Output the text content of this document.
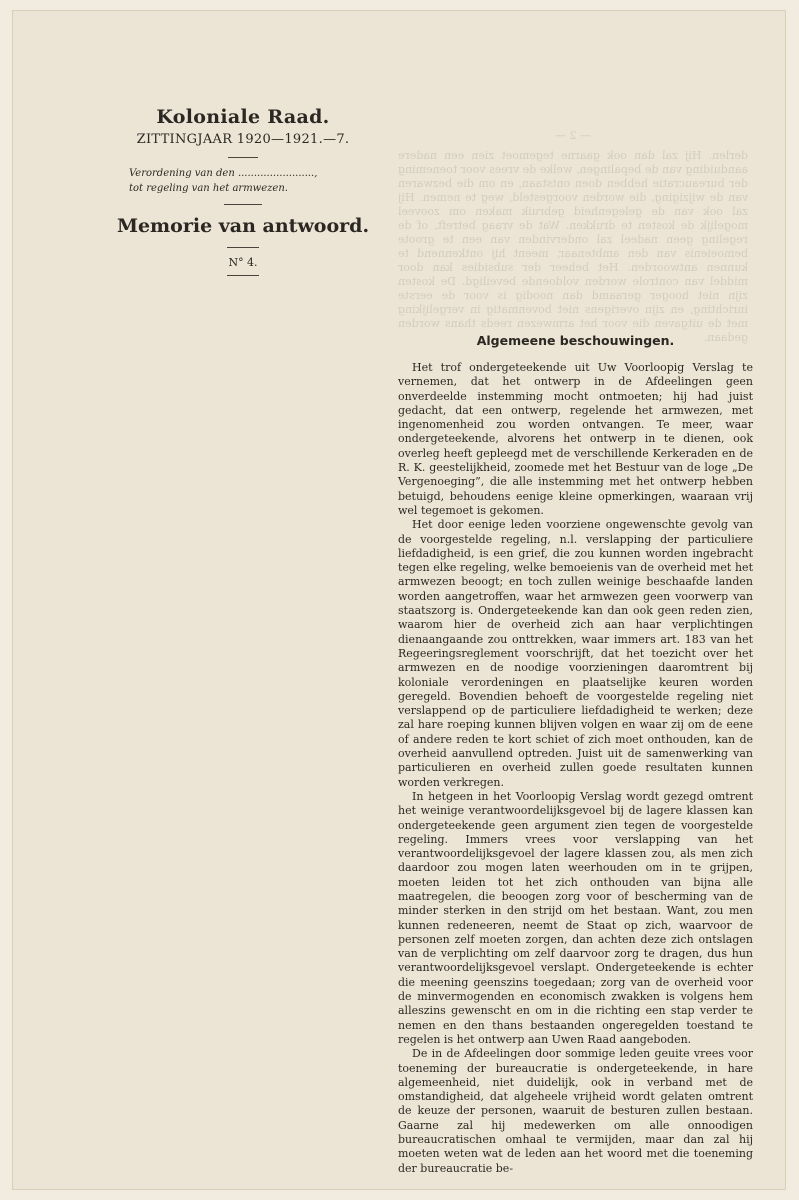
— 2 —
derlen. Hij zal dan ook gaarne tegemoet zien een nadere aanduiding van de bepalingen, welke de vrees voor toeneming der bureaucratie hebben doen ontstaan, en om die bezwaren van de wijziging, die worden voorgesteld, weg te nemen. Hij zal ook van de gelegenheid gebruik maken om zooveel mogelijk de kosten te drukken. Wat de vraag betreft, of de regeling geen nadeel zal ondervinden van een te groote bemoeienis van den ambtenaar, meent hij ontkennend te kunnen antwoorden. Het beheer der subsidies kan door middel van controle worden voldoende beveiligd. De kosten zijn niet hooger geraamd dan noodig is voor de eerste inrichting, en zijn overigens niet bovenmatig in vergelijking met de uitgaven die voor het armwezen reeds thans worden gedaan.

Koloniale Raad.

ZITTINGJAAR 1920—1921.—7.

Verordening van den ........................,
tot regeling van het armwezen.

Memorie van antwoord.

N° 4.
Algemeene beschouwingen.

Het trof ondergeteekende uit Uw Voorloopig Verslag te vernemen, dat het ontwerp in de Afdeelingen geen onverdeelde instemming mocht ontmoeten; hij had juist gedacht, dat een ontwerp, regelende het armwezen, met ingenomenheid zou worden ontvangen. Te meer, waar ondergeteekende, alvorens het ontwerp in te dienen, ook overleg heeft gepleegd met de verschillende Kerkeraden en de R. K. geestelijkheid, zoomede met het Bestuur van de loge „De Vergenoeging”, die alle instemming met het ontwerp hebben betuigd, behoudens eenige kleine opmerkingen, waaraan vrij wel tegemoet is gekomen.

Het door eenige leden voorziene ongewenschte gevolg van de voorgestelde regeling, n.l. verslapping der particuliere liefdadigheid, is een grief, die zou kunnen worden ingebracht tegen elke regeling, welke bemoeienis van de overheid met het armwezen beoogt; en toch zullen weinige beschaafde landen worden aangetroffen, waar het armwezen geen voorwerp van staatszorg is. Ondergeteekende kan dan ook geen reden zien, waarom hier de overheid zich aan haar verplichtingen dienaangaande zou onttrekken, waar immers art. 183 van het Regeeringsreglement voorschrijft, dat het toezicht over het armwezen en de noodige voorzieningen daaromtrent bij koloniale verordeningen en plaatselijke keuren worden geregeld. Bovendien behoeft de voorgestelde regeling niet verslappend op de particuliere liefdadigheid te werken; deze zal hare roeping kunnen blijven volgen en waar zij om de eene of andere reden te kort schiet of zich moet onthouden, kan de overheid aanvullend optreden. Juist uit de samenwerking van particulieren en overheid zullen goede resultaten kunnen worden verkregen.

In hetgeen in het Voorloopig Verslag wordt gezegd omtrent het weinige verantwoordelijksgevoel bij de lagere klassen kan ondergeteekende geen argument zien tegen de voorgestelde regeling. Immers vrees voor verslapping van het verantwoordelijksgevoel der lagere klassen zou, als men zich daardoor zou mogen laten weerhouden om in te grijpen, moeten leiden tot het zich onthouden van bijna alle maatregelen, die beoogen zorg voor of bescherming van de minder sterken in den strijd om het bestaan. Want, zou men kunnen redeneeren, neemt de Staat op zich, waarvoor de personen zelf moeten zorgen, dan achten deze zich ontslagen van de verplichting om zelf daarvoor zorg te dragen, dus hun verantwoordelijksgevoel verslapt. Ondergeteekende is echter die meening geenszins toegedaan; zorg van de overheid voor de minvermogenden en economisch zwakken is volgens hem alleszins gewenscht en om in die richting een stap verder te nemen en den thans bestaanden ongeregelden toestand te regelen is het ontwerp aan Uwen Raad aangeboden.

De in de Afdeelingen door sommige leden geuite vrees voor toeneming der bureaucratie is ondergeteekende, in hare algemeenheid, niet duidelijk, ook in verband met de omstandigheid, dat algeheele vrijheid wordt gelaten omtrent de keuze der personen, waaruit de besturen zullen bestaan. Gaarne zal hij medewerken om alle onnoodigen bureaucratischen omhaal te vermijden, maar dan zal hij moeten weten wat de leden aan het woord met die toeneming der bureaucratie be-
